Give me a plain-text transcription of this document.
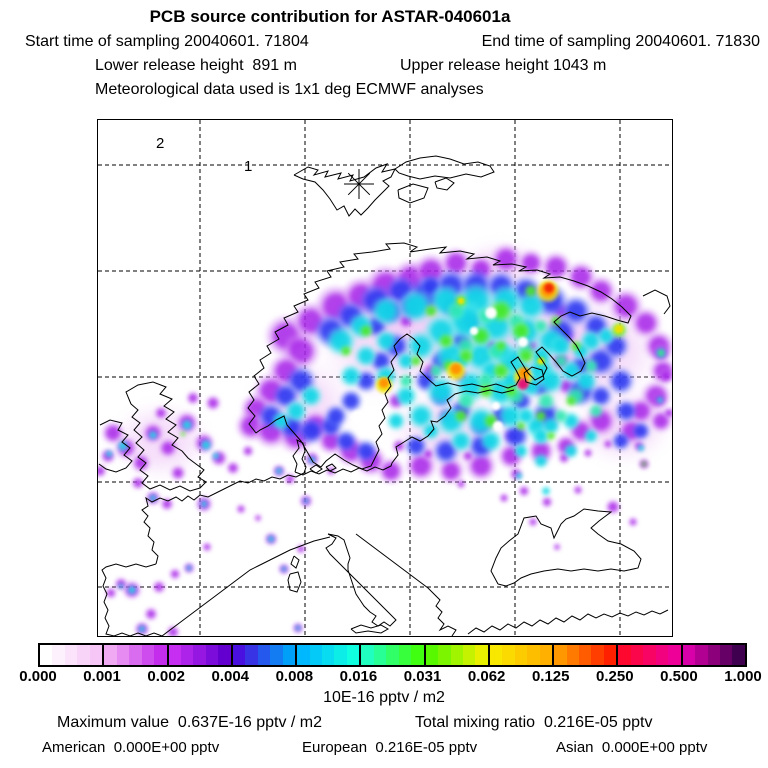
PCB source contribution for ASTAR-040601a
Start time of sampling 20040601. 71804	End time of sampling 20040601. 71830
Lower release height  891 m	Upper release height 1043 m
Meteorological data used is 1x1 deg ECMWF analyses
2
1
0.000 0.001 0.002 0.004 0.008 0.016 0.031 0.062 0.125 0.250 0.500 1.000
10E-16 pptv / m2
Maximum value  0.637E-16 pptv / m2	Total mixing ratio  0.216E-05 pptv
American  0.000E+00 pptv	European  0.216E-05 pptv	Asian  0.000E+00 pptv
